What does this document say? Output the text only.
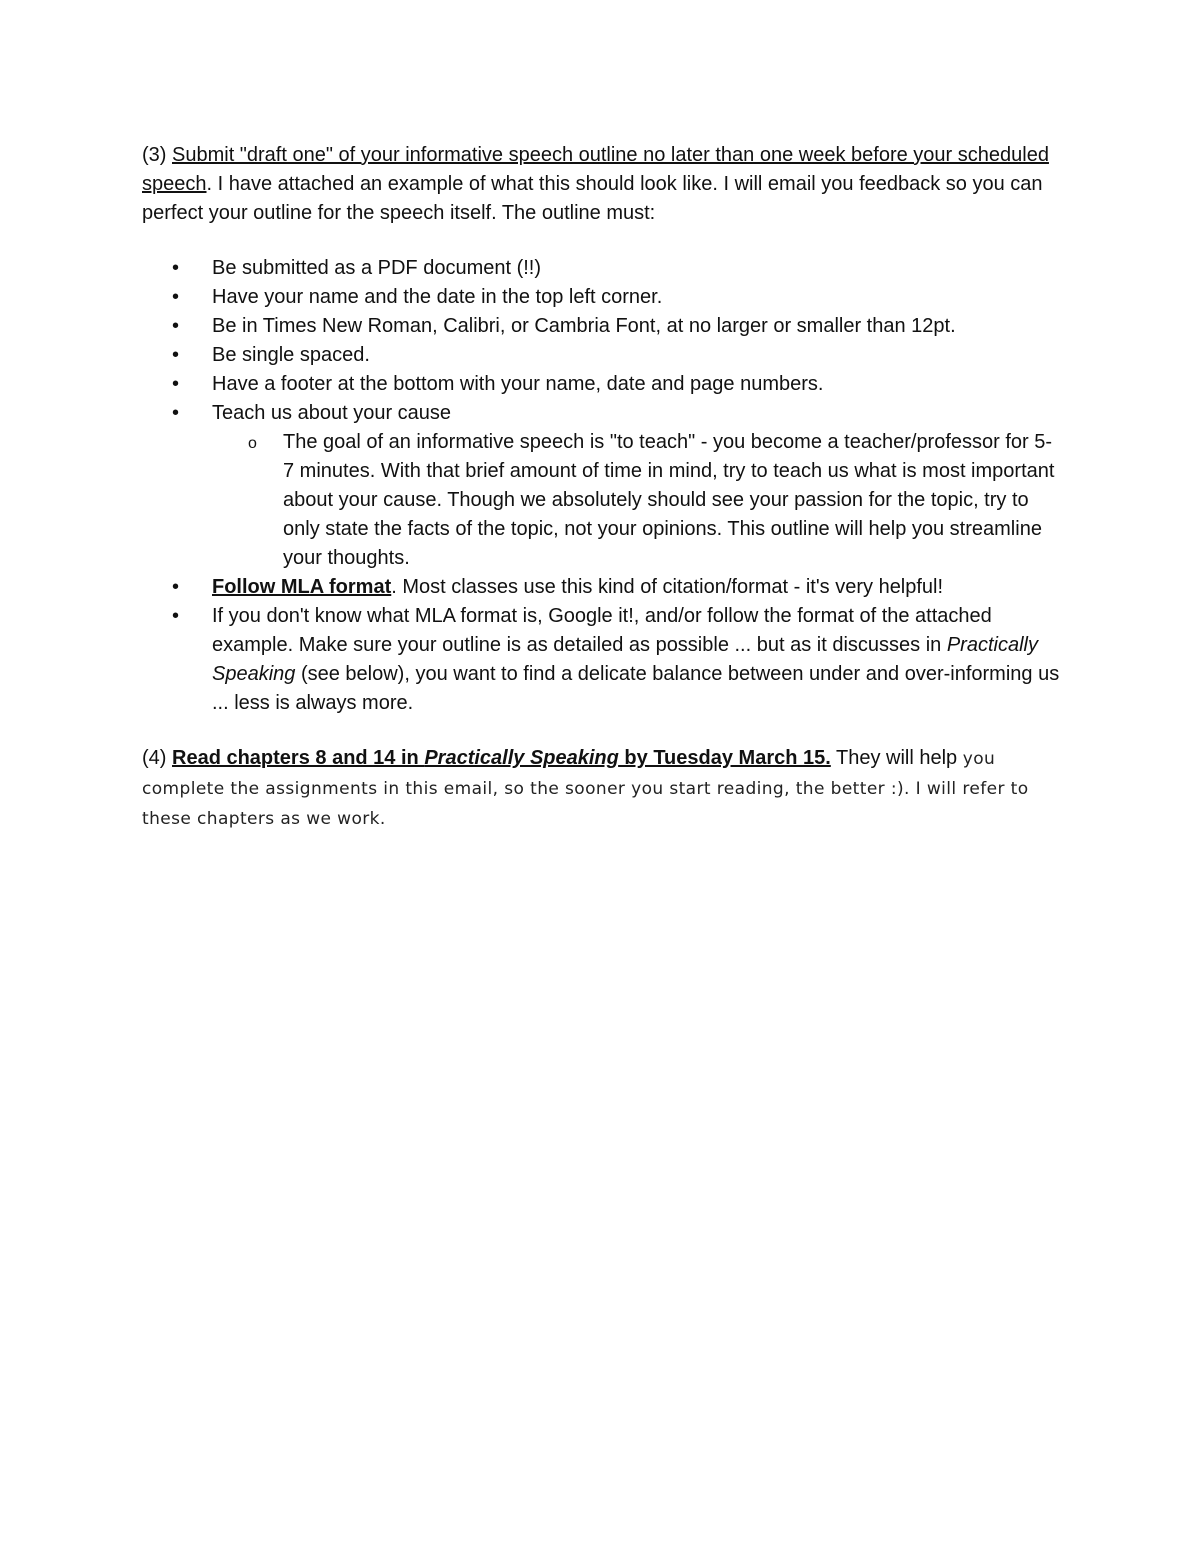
(3) Submit "draft one" of your informative speech outline no later than one week before your scheduled speech. I have attached an example of what this should look like. I will email you feedback so you can perfect your outline for the speech itself. The outline must:

• Be submitted as a PDF document (!!)
• Have your name and the date in the top left corner.
• Be in Times New Roman, Calibri, or Cambria Font, at no larger or smaller than 12pt.
• Be single spaced.
• Have a footer at the bottom with your name, date and page numbers.
• Teach us about your cause
o The goal of an informative speech is "to teach" - you become a teacher/professor for 5-7 minutes. With that brief amount of time in mind, try to teach us what is most important about your cause. Though we absolutely should see your passion for the topic, try to only state the facts of the topic, not your opinions. This outline will help you streamline your thoughts.
• Follow MLA format. Most classes use this kind of citation/format - it's very helpful!
• If you don't know what MLA format is, Google it!, and/or follow the format of the attached example. Make sure your outline is as detailed as possible ... but as it discusses in Practically Speaking (see below), you want to find a delicate balance between under and over-informing us ... less is always more.

(4) Read chapters 8 and 14 in Practically Speaking by Tuesday March 15. They will help you complete the assignments in this email, so the sooner you start reading, the better :). I will refer to these chapters as we work.
